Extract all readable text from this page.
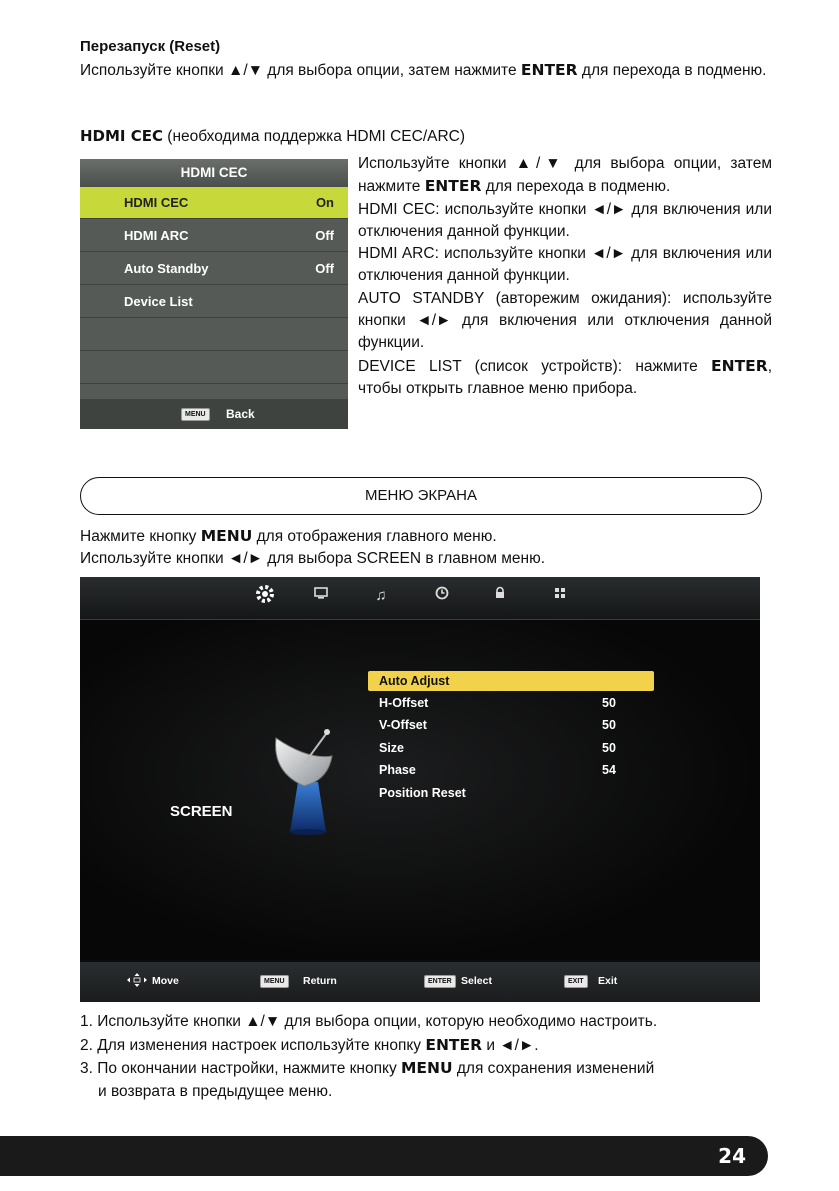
Перезапуск (Reset)
Используйте кнопки ▲/▼ для выбора опции, затем нажмите ENTER для перехода в подменю.
HDMI CEC (необходима поддержка HDMI CEC/ARC)
HDMI CEC
HDMI CEC	On
HDMI ARC	Off
Auto Standby	Off
Device List
MENU	Back

Используйте кнопки ▲/▼ для выбора опции, затем нажмите ENTER для перехода в подменю.

HDMI CEC: используйте кнопки ◄/► для включения или отключения данной функции.

HDMI ARC: используйте кнопки ◄/► для включения или отключения данной функции.

AUTO STANDBY (авторежим ожидания): используйте кнопки ◄/► для включения или отключения данной функции.

DEVICE LIST (список устройств): нажмите ENTER, чтобы открыть главное меню прибора.

МЕНЮ ЭКРАНА
Нажмите кнопку MENU для отображения главного меню.
Используйте кнопки ◄/► для выбора SCREEN в главном меню.
♫
SCREEN
Auto Adjust
H-Offset	50
V-Offset	50
Size	50
Phase	54
Position Reset
Move	MENU	Return	ENTER Select	EXIT	Exit
1. Используйте кнопки ▲/▼ для выбора опции, которую необходимо настроить.
2. Для изменения настроек используйте кнопку ENTER и ◄/►.
3. По окончании настройки, нажмите кнопку MENU для сохранения изменений
и возврата в предыдущее меню.
24
